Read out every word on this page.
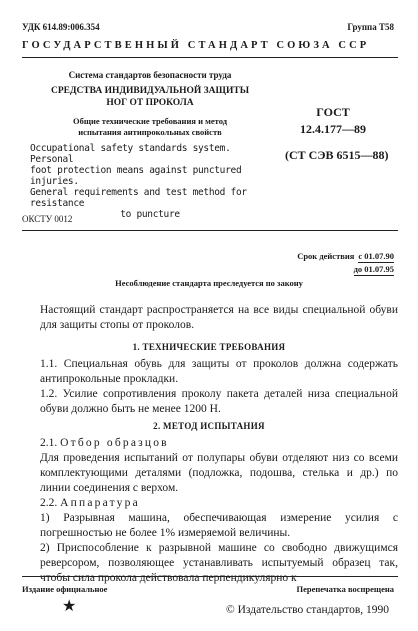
УДК 614.89:006.354	Группа Т58
ГОСУДАРСТВЕННЫЙ СТАНДАРТ СОЮЗА ССР
Система стандартов безопасности труда
СРЕДСТВА ИНДИВИДУАЛЬНОЙ ЗАЩИТЫ
НОГ ОТ ПРОКОЛА
Общие технические требования и метод
испытания антипрокольных свойств
Occupational safety standards system. Personal
foot protection means against punctured injuries.
General requirements and test method for resistance
to puncture
ГОСТ
12.4.177—89
(СТ СЭВ 6515—88)
ОКСТУ 0012
Срок действия с 01.07.90
до 01.07.95
Несоблюдение стандарта преследуется по закону
Настоящий стандарт распространяется на все виды специальной обуви для защиты стопы от проколов.
1. ТЕХНИЧЕСКИЕ ТРЕБОВАНИЯ
1.1. Специальная обувь для защиты от проколов должна содержать антипрокольные прокладки.
1.2. Усилие сопротивления проколу пакета деталей низа специальной обуви должно быть не менее 1200 Н.
2. МЕТОД ИСПЫТАНИЯ
2.1. Отбор образцов
Для проведения испытаний от полупары обуви отделяют низ со всеми комплектующими деталями (подложка, подошва, стелька и др.) по линии соединения с верхом.
2.2. Аппаратура
1) Разрывная машина, обеспечивающая измерение усилия с погрешностью не более 1% измеряемой величины.
2) Приспособление к разрывной машине со свободно движущимся реверсором, позволяющее устанавливать испытуемый образец так, чтобы сила прокола действовала перпендикулярно к
Издание официальное	Перепечатка воспрещена
★	© Издательство стандартов, 1990
